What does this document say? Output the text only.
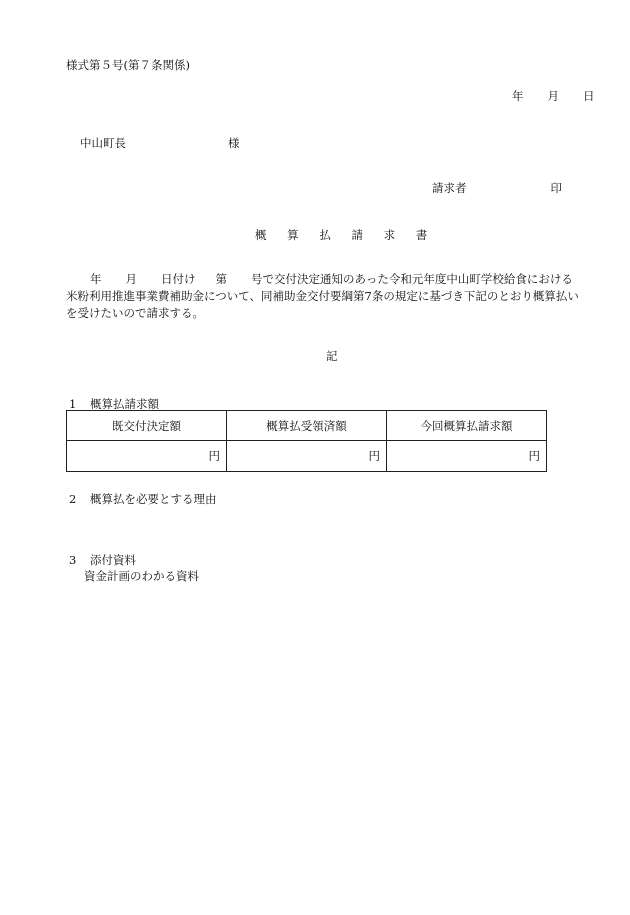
様式第５号(第７条関係)
年 月 日
中山町長	様
請求者	印
概 算 払 請 求 書

年 月 日付け 第 号で交付決定通知のあった令和元年度中山町学校給食における

米粉利用推進事業費補助金について、同補助金交付要綱第7条の規定に基づき下記のとおり概算払い

を受けたいので請求する。

記
1 概算払請求額
既交付決定額	概算払受領済額	今回概算払請求額
円	円	円
2 概算払を必要とする理由
3 添付資料
資金計画のわかる資料
